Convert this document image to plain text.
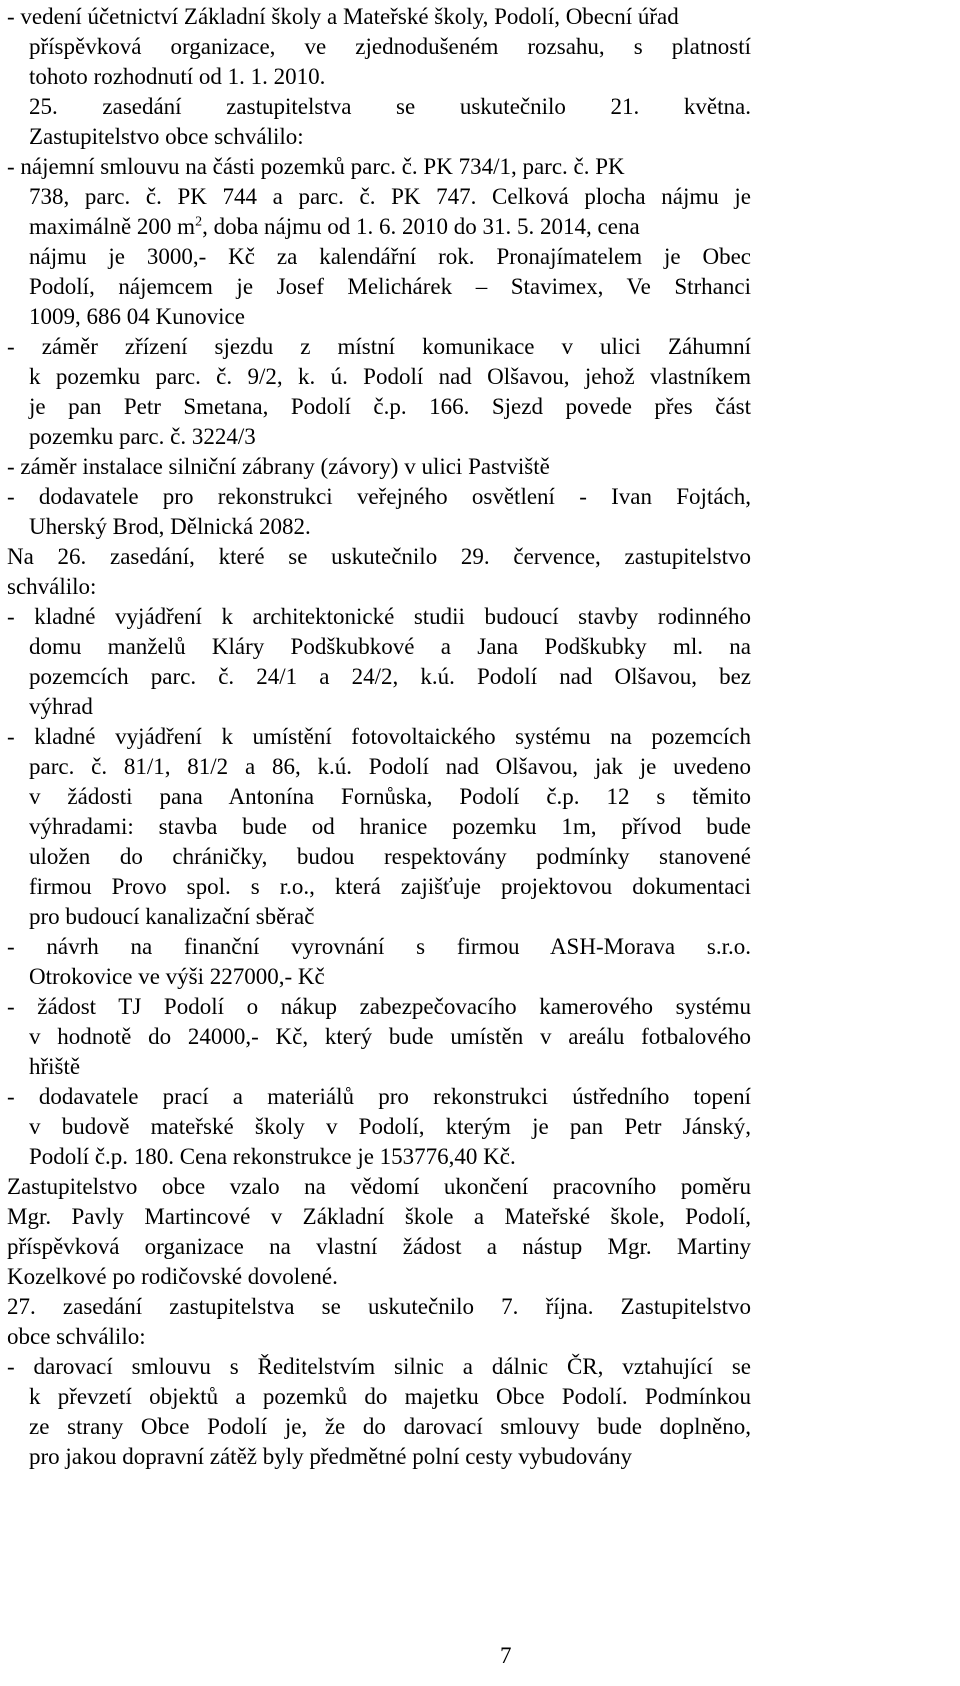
- vedení účetnictví Základní školy a Mateřské školy, Podolí, Obecní úřad
příspěvková organizace, ve zjednodušeném rozsahu, s platností
tohoto rozhodnutí od 1. 1. 2010.
25. zasedání zastupitelstva se uskutečnilo 21. května.
Zastupitelstvo obce schválilo:
- nájemní smlouvu na části pozemků parc. č. PK 734/1, parc. č. PK
738, parc. č. PK 744 a parc. č. PK 747. Celková plocha nájmu je
maximálně 200 $m^2$, doba nájmu od 1. 6. 2010 do 31. 5. 2014, cena
nájmu je 3000,- Kč za kalendářní rok. Pronajímatelem je Obec
Podolí, nájemcem je Josef Melichárek – Stavimex, Ve Strhanci
1009, 686 04 Kunovice
- záměr zřízení sjezdu z místní komunikace v ulici Záhumní
k pozemku parc. č. 9/2, k. ú. Podolí nad Olšavou, jehož vlastníkem
je pan Petr Smetana, Podolí č.p. 166. Sjezd povede přes část
pozemku parc. č. 3224/3
- záměr instalace silniční zábrany (závory) v ulici Pastviště
- dodavatele pro rekonstrukci veřejného osvětlení - Ivan Fojtách,
Uherský Brod, Dělnická 2082.
Na 26. zasedání, které se uskutečnilo 29. července, zastupitelstvo
schválilo:
- kladné vyjádření k architektonické studii budoucí stavby rodinného
domu manželů Kláry Podškubkové a Jana Podškubky ml. na
pozemcích parc. č. 24/1 a 24/2, k.ú. Podolí nad Olšavou, bez
výhrad
- kladné vyjádření k umístění fotovoltaického systému na pozemcích
parc. č. 81/1, 81/2 a 86, k.ú. Podolí nad Olšavou, jak je uvedeno
v žádosti pana Antonína Fornůska, Podolí č.p. 12 s těmito
výhradami: stavba bude od hranice pozemku 1m, přívod bude
uložen do chráničky, budou respektovány podmínky stanovené
firmou Provo spol. s r.o., která zajišťuje projektovou dokumentaci
pro budoucí kanalizační sběrač
- návrh na finanční vyrovnání s firmou ASH-Morava s.r.o.
Otrokovice ve výši 227000,- Kč
- žádost TJ Podolí o nákup zabezpečovacího kamerového systému
v hodnotě do 24000,- Kč, který bude umístěn v areálu fotbalového
hřiště
- dodavatele prací a materiálů pro rekonstrukci ústředního topení
v budově mateřské školy v Podolí, kterým je pan Petr Jánský,
Podolí č.p. 180. Cena rekonstrukce je 153776,40 Kč.
Zastupitelstvo obce vzalo na vědomí ukončení pracovního poměru
Mgr. Pavly Martincové v Základní škole a Mateřské škole, Podolí,
příspěvková organizace na vlastní žádost a nástup Mgr. Martiny
Kozelkové po rodičovské dovolené.
27. zasedání zastupitelstva se uskutečnilo 7. října. Zastupitelstvo
obce schválilo:
- darovací smlouvu s Ředitelstvím silnic a dálnic ČR, vztahující se
k převzetí objektů a pozemků do majetku Obce Podolí. Podmínkou
ze strany Obce Podolí je, že do darovací smlouvy bude doplněno,
pro jakou dopravní zátěž byly předmětné polní cesty vybudovány
7
